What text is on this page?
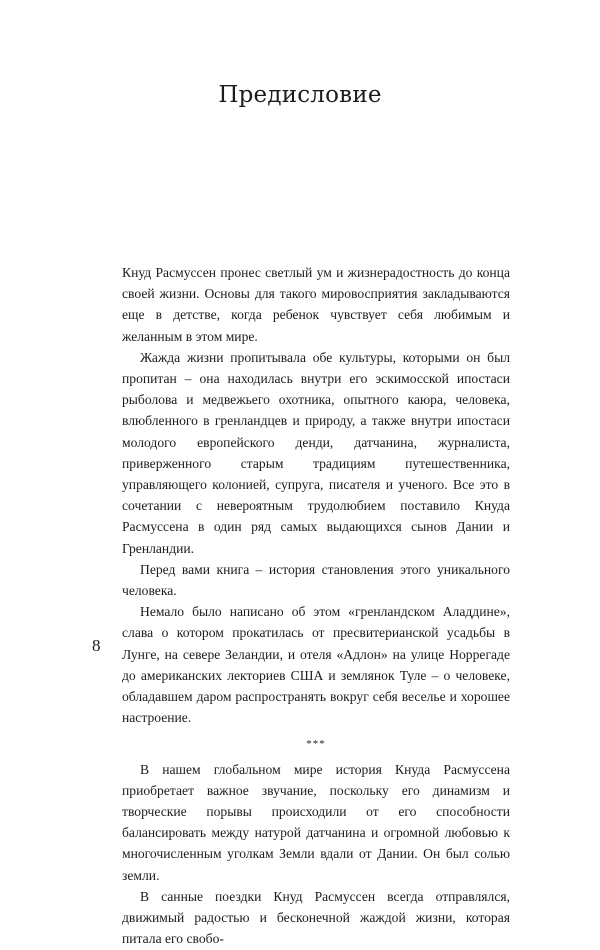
Предисловие

Кнуд Расмуссен пронес светлый ум и жизнерадостность до конца своей жизни. Основы для такого мировосприятия закладываются еще в детстве, когда ребенок чувствует себя любимым и желанным в этом мире.

Жажда жизни пропитывала обе культуры, которыми он был пропитан – она находилась внутри его эскимосской ипостаси рыболова и медвежьего охотника, опытного каюра, человека, влюбленного в гренландцев и природу, а также внутри ипостаси молодого европейского денди, датчанина, журналиста, приверженного старым традициям путешественника, управляющего колонией, супруга, писателя и ученого. Все это в сочетании с невероятным трудолюбием поставило Кнуда Расмуссена в один ряд самых выдающихся сынов Дании и Гренландии.

Перед вами книга – история становления этого уникального человека.

Немало было написано об этом «гренландском Аладдине», слава о котором прокатилась от пресвитерианской усадьбы в Лунге, на севере Зеландии, и отеля «Адлон» на улице Норрегаде до американских лекториев США и землянок Туле – о человеке, обладавшем даром распространять вокруг себя веселье и хорошее настроение.

***

В нашем глобальном мире история Кнуда Расмуссена приобретает важное звучание, поскольку его динамизм и творческие порывы происходили от его способности балансировать между натурой датчанина и огромной любовью к многочисленным уголкам Земли вдали от Дании. Он был солью земли.

В санные поездки Кнуд Расмуссен всегда отправлялся, движимый радостью и бесконечной жаждой жизни, которая питала его свобо-

8
